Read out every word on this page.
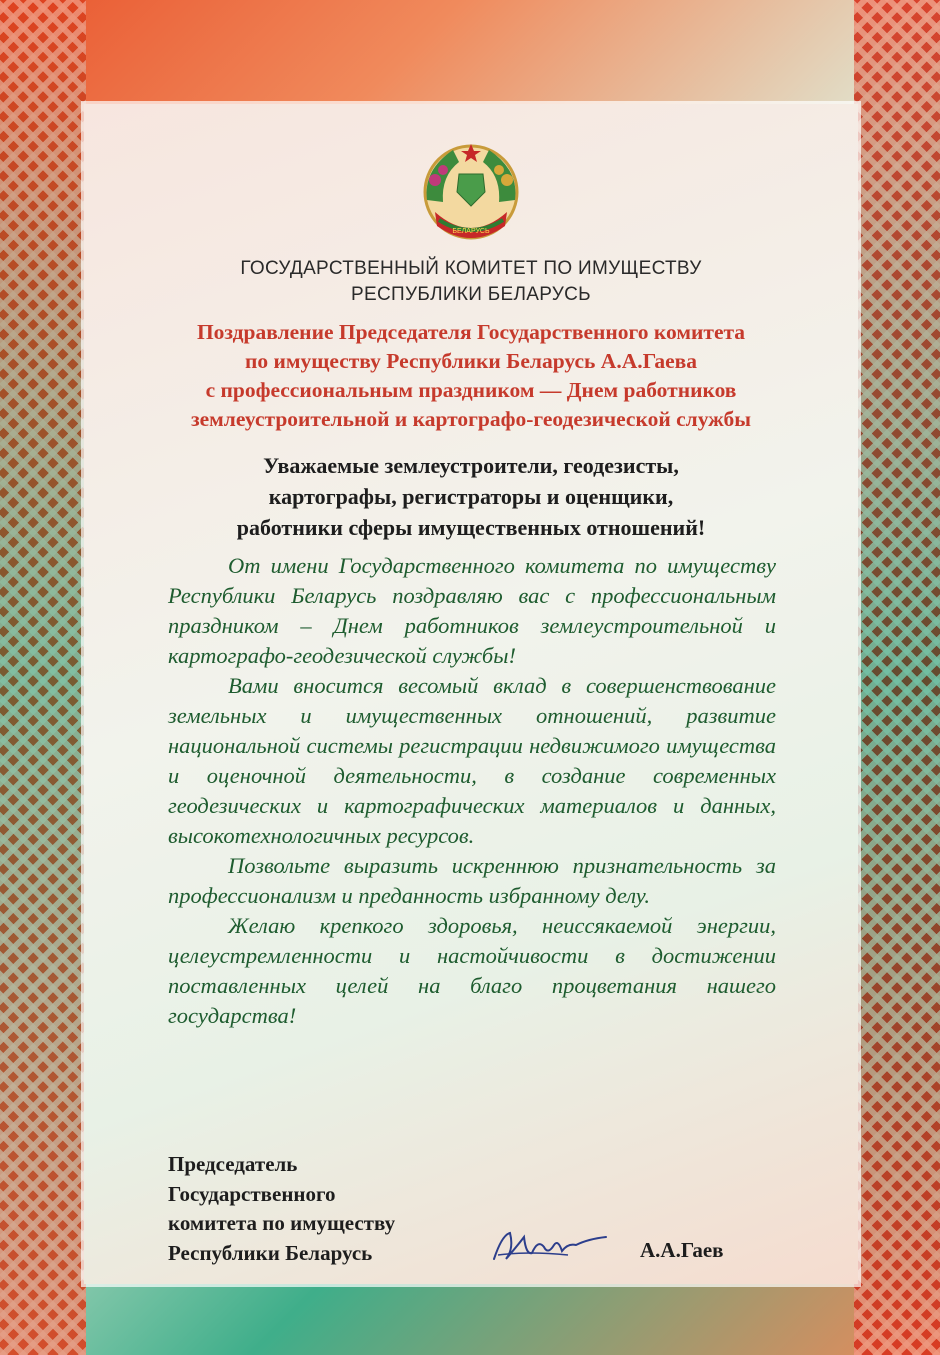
БЕЛАРУСЬ
ГОСУДАРСТВЕННЫЙ КОМИТЕТ ПО ИМУЩЕСТВУ
РЕСПУБЛИКИ БЕЛАРУСЬ
Поздравление Председателя Государственного комитета
по имуществу Республики Беларусь А.А.Гаева
с профессиональным праздником — Днем работников
землеустроительной и картографо-геодезической службы
Уважаемые землеустроители, геодезисты,
картографы, регистраторы и оценщики,
работники сферы имущественных отношений!

От имени Государственного комитета по имуществу Республики Беларусь поздравляю вас с профессиональным праздником – Днем работников землеустроительной и картографо-геодезической службы!

Вами вносится весомый вклад в совершенствование земельных и имущественных отношений, развитие национальной системы регистрации недвижимого имущества и оценочной деятельности, в создание современных геодезических и картографических материалов и данных, высокотехнологичных ресурсов.

Позвольте выразить искреннюю признательность за профессионализм и преданность избранному делу.

Желаю крепкого здоровья, неиссякаемой энергии, целеустремленности и настойчивости в достижении поставленных целей на благо процветания нашего государства!

Председатель
Государственного
комитета по имуществу
Республики Беларусь	А.А.Гаев
